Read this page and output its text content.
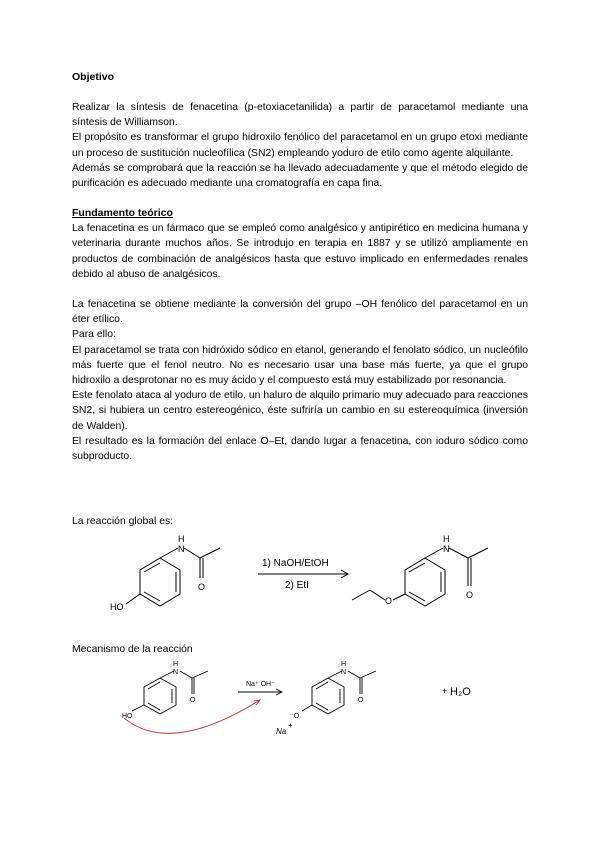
Objetivo

Realizar la síntesis de fenacetina (p-etoxiacetanilida) a partir de paracetamol mediante una síntesis de Williamson.

El propósito es transformar el grupo hidroxilo fenólico del paracetamol en un grupo etoxi mediante un proceso de sustitución nucleofílica (SN2) empleando yoduro de etilo como agente alquilante.

Además se comprobará que la reacción se ha llevado adecuadamente y que el método elegido de purificación es adecuado mediante una cromatografía en capa fina.

Fundamento teórico

La fenacetina es un fármaco que se empleó como analgésico y antipirético en medicina humana y veterinaria durante muchos años. Se introdujo en terapia en 1887 y se utilizó ampliamente en productos de combinación de analgésicos hasta que estuvo implicado en enfermedades renales debido al abuso de analgésicos.

La fenacetina se obtiene mediante la conversión del grupo –OH fenólico del paracetamol en un éter etílico.

Para ello:

El paracetamol se trata con hidróxido sódico en etanol, generando el fenolato sódico, un nucleófilo más fuerte que el fenol neutro. No es necesario usar una base más fuerte, ya que el grupo hidroxilo a desprotonar no es muy ácido y el compuesto está muy estabilizado por resonancia.

Este fenolato ataca al yoduro de etilo, un haluro de alquilo primario muy adecuado para reacciones SN2, si hubiera un centro estereogénico, éste sufriría un cambio en su estereoquímica (inversión de Walden).

El resultado es la formación del enlace O–Et, dando lugar a fenacetina, con ioduro sódico como subproducto.

La reacción global es:

N
H
O
HO
1) NaOH/EtOH
2) EtI
N
H
O
O

Mecanismo de la reacción

N
H
O
HO
Na⁺ OH⁻
N
H
O
⁻O
Na
+
+ H₂O
